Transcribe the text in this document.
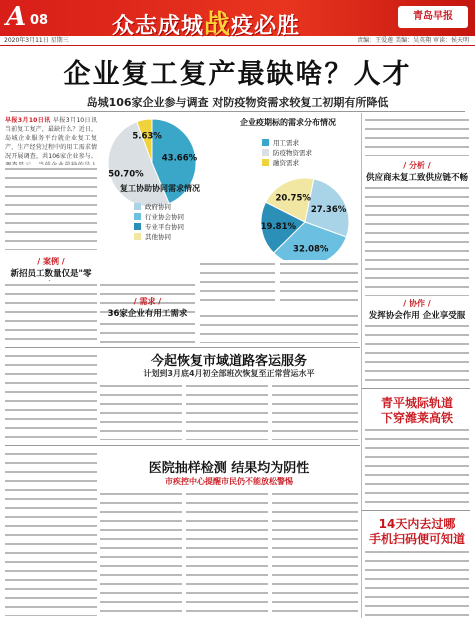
A 08	众志成城战疫必胜	青岛早报
2020年3月11日 星期三	责编：王爱莲 美编：吴英翔 审读：侯天明
企业复工复产最缺啥？人才
岛城106家企业参与调查 对防疫物资需求较复工初期有所降低
早报3月10日讯 早报3月10日讯 当前复工复产，最缺什么？近日，岛城企业服务平台就企业复工复产、生产经营过程中的用工需求情况开展调查，共106家企业参与。
/ 案例 /
新招员工数量仅是"零
43.66%
50.70%
5.63%
企业疫期标的需求分布情况
用工需求
防疫物资需求
融资需求
复工协助协同需求情况
政府协同
行业协会协同
专业平台协同
其他协同
27.36%
32.08%
19.81%
20.75%
/ 需求 /
36家企业有用工需求
/ 分析 /
供应商未复工致供应链不畅
/ 协作 /
发挥协会作用 企业享受服
今起恢复市域道路客运服务
计划到3月底4月初全部班次恢复至正常营运水平
青平城际轨道
下穿潍莱高铁
医院抽样检测 结果均为阴性
市疾控中心提醒市民仍不能放松警惕
14天内去过哪
手机扫码便可知道
